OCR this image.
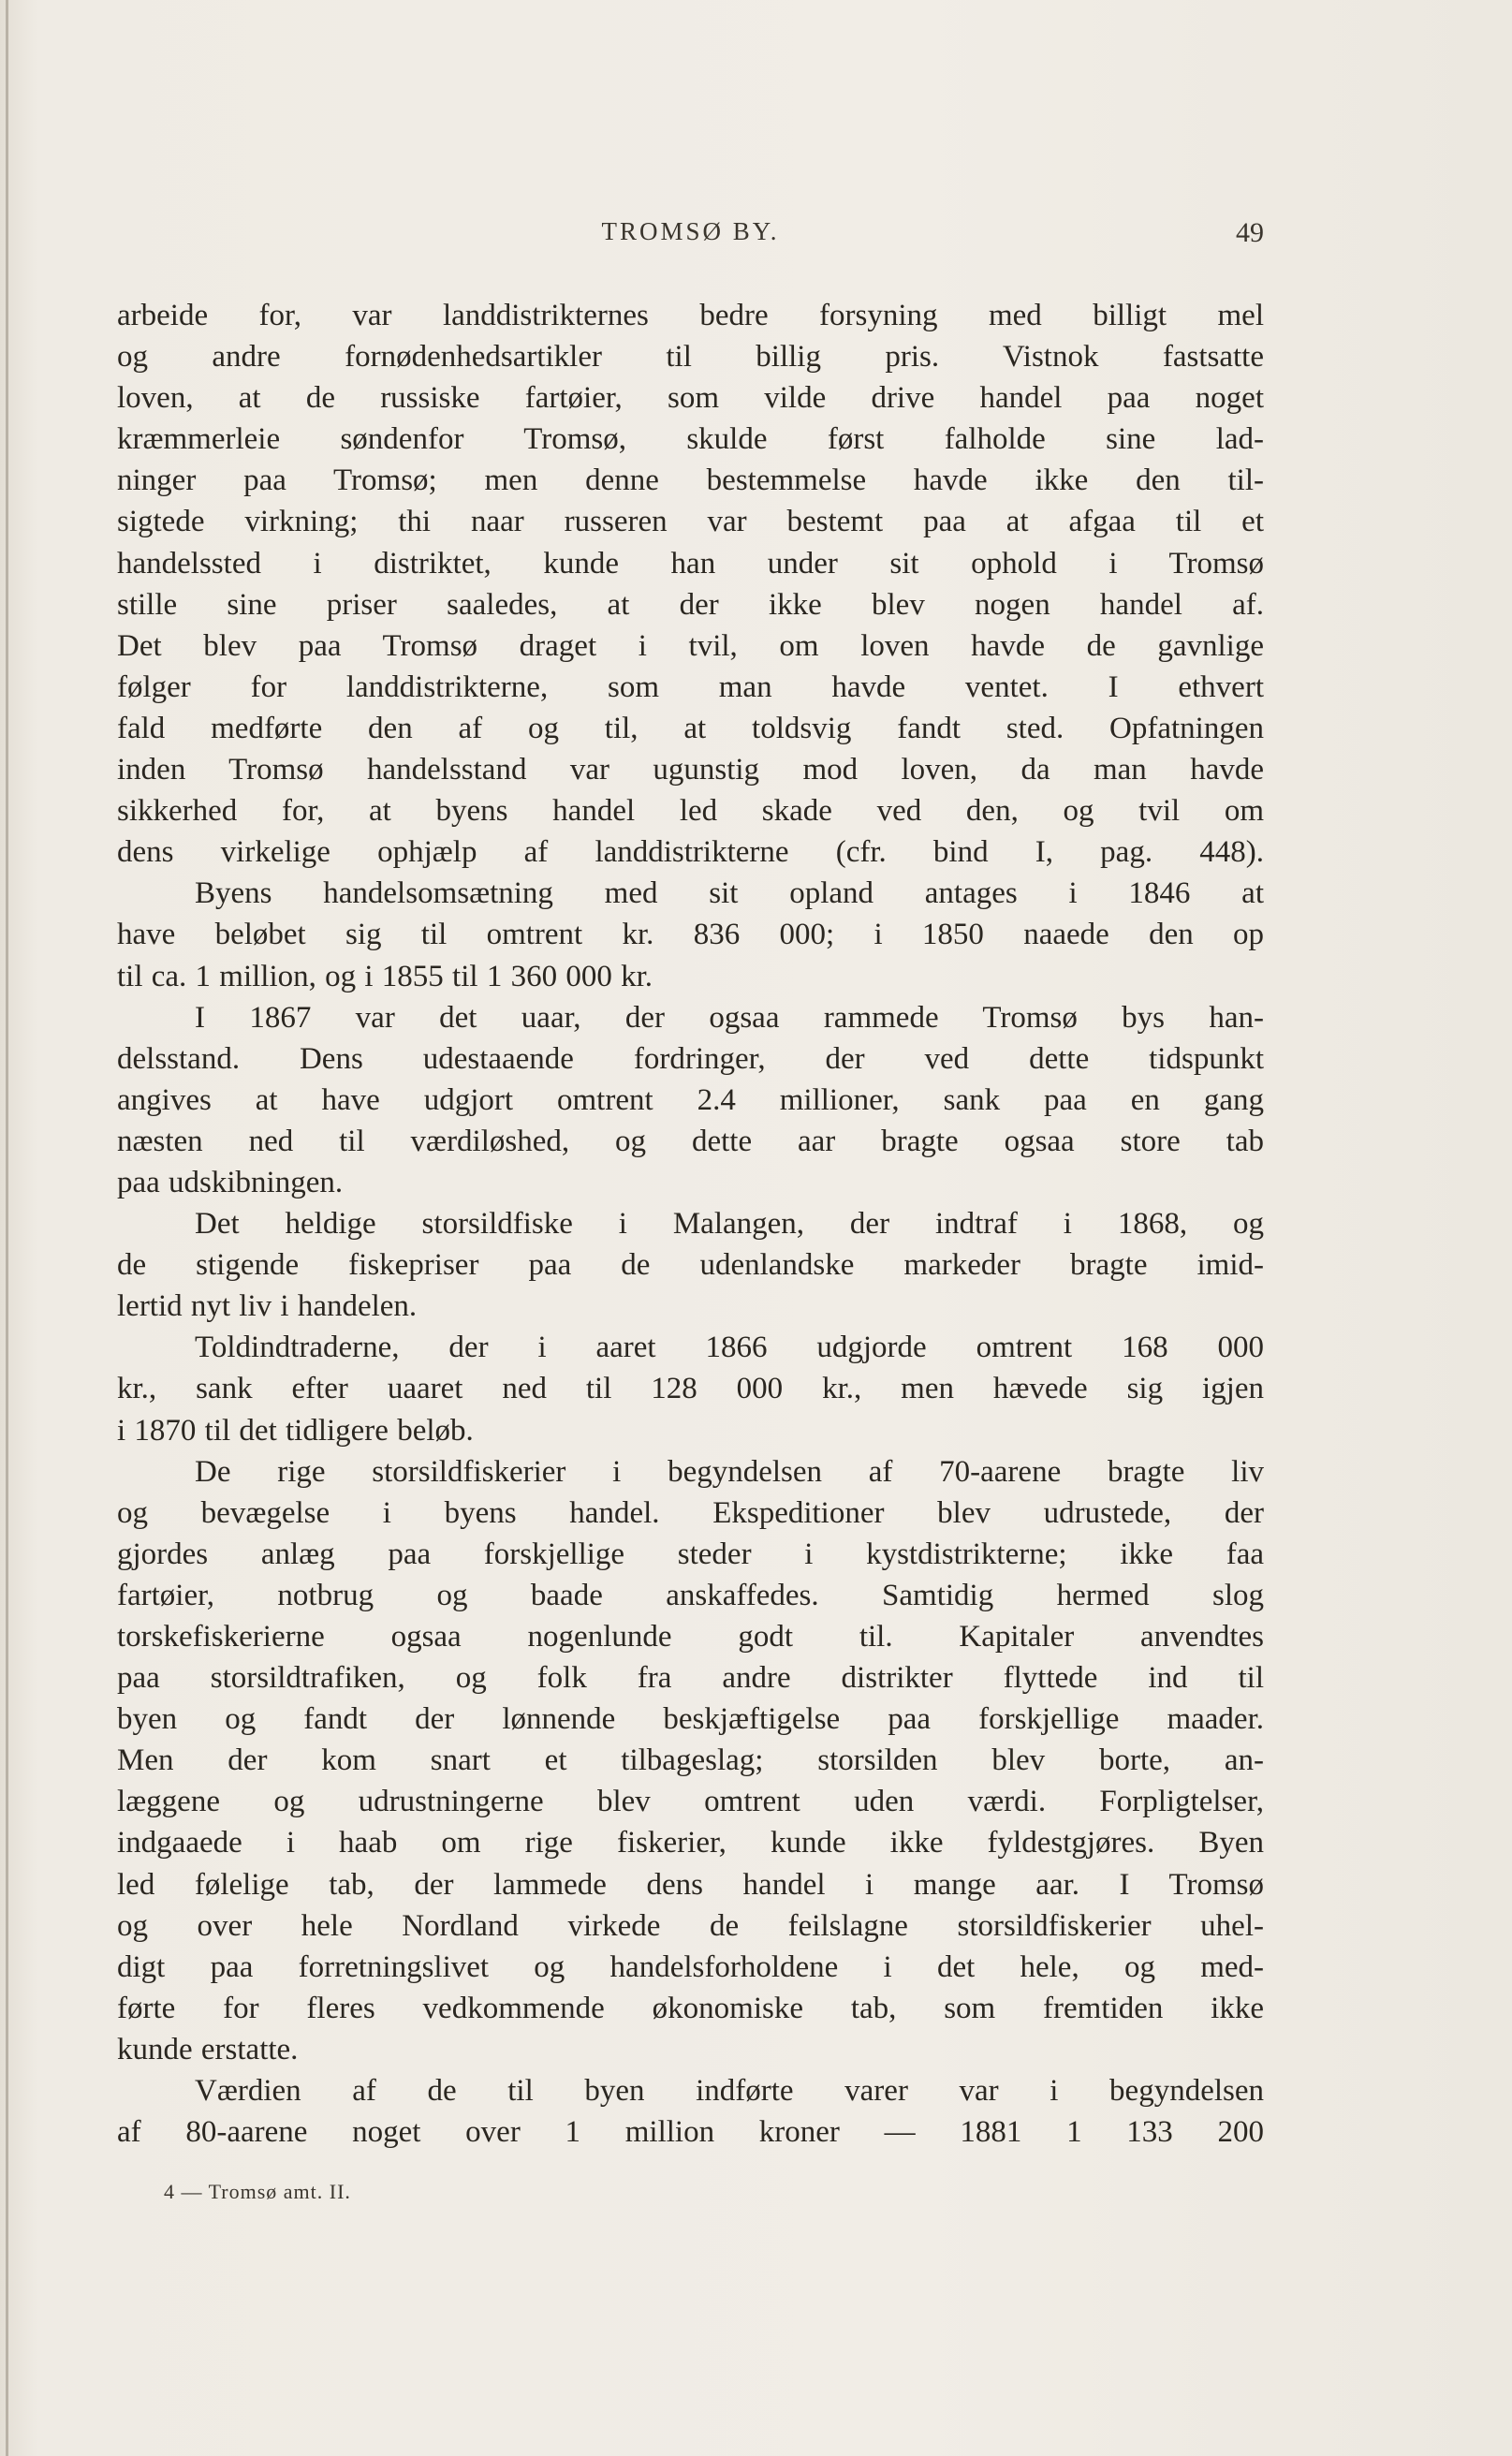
TROMSØ BY.	49
arbeide for, var landdistrikternes bedre forsyning med billigt mel
og andre fornødenhedsartikler til billig pris. Vistnok fastsatte
loven, at de russiske fartøier, som vilde drive handel paa noget
kræmmerleie søndenfor Tromsø, skulde først falholde sine lad-
ninger paa Tromsø; men denne bestemmelse havde ikke den til-
sigtede virkning; thi naar russeren var bestemt paa at afgaa til et
handelssted i distriktet, kunde han under sit ophold i Tromsø
stille sine priser saaledes, at der ikke blev nogen handel af.
Det blev paa Tromsø draget i tvil, om loven havde de gavnlige
følger for landdistrikterne, som man havde ventet. I ethvert
fald medførte den af og til, at toldsvig fandt sted. Opfatningen
inden Tromsø handelsstand var ugunstig mod loven, da man havde
sikkerhed for, at byens handel led skade ved den, og tvil om
dens virkelige ophjælp af landdistrikterne (cfr. bind I, pag. 448).
Byens handelsomsætning med sit opland antages i 1846 at
have beløbet sig til omtrent kr. 836 000; i 1850 naaede den op
til ca. 1 million, og i 1855 til 1 360 000 kr.
I 1867 var det uaar, der ogsaa rammede Tromsø bys han-
delsstand. Dens udestaaende fordringer, der ved dette tidspunkt
angives at have udgjort omtrent 2.4 millioner, sank paa en gang
næsten ned til værdiløshed, og dette aar bragte ogsaa store tab
paa udskibningen.
Det heldige storsildfiske i Malangen, der indtraf i 1868, og
de stigende fiskepriser paa de udenlandske markeder bragte imid-
lertid nyt liv i handelen.
Toldindtraderne, der i aaret 1866 udgjorde omtrent 168 000
kr., sank efter uaaret ned til 128 000 kr., men hævede sig igjen
i 1870 til det tidligere beløb.
De rige storsildfiskerier i begyndelsen af 70-aarene bragte liv
og bevægelse i byens handel. Ekspeditioner blev udrustede, der
gjordes anlæg paa forskjellige steder i kystdistrikterne; ikke faa
fartøier, notbrug og baade anskaffedes. Samtidig hermed slog
torskefiskerierne ogsaa nogenlunde godt til. Kapitaler anvendtes
paa storsildtrafiken, og folk fra andre distrikter flyttede ind til
byen og fandt der lønnende beskjæftigelse paa forskjellige maader.
Men der kom snart et tilbageslag; storsilden blev borte, an-
læggene og udrustningerne blev omtrent uden værdi. Forpligtelser,
indgaaede i haab om rige fiskerier, kunde ikke fyldestgjøres. Byen
led følelige tab, der lammede dens handel i mange aar. I Tromsø
og over hele Nordland virkede de feilslagne storsildfiskerier uhel-
digt paa forretningslivet og handelsforholdene i det hele, og med-
førte for fleres vedkommende økonomiske tab, som fremtiden ikke
kunde erstatte.
Værdien af de til byen indførte varer var i begyndelsen
af 80-aarene noget over 1 million kroner — 1881 1 133 200
4 — Tromsø amt. II.
